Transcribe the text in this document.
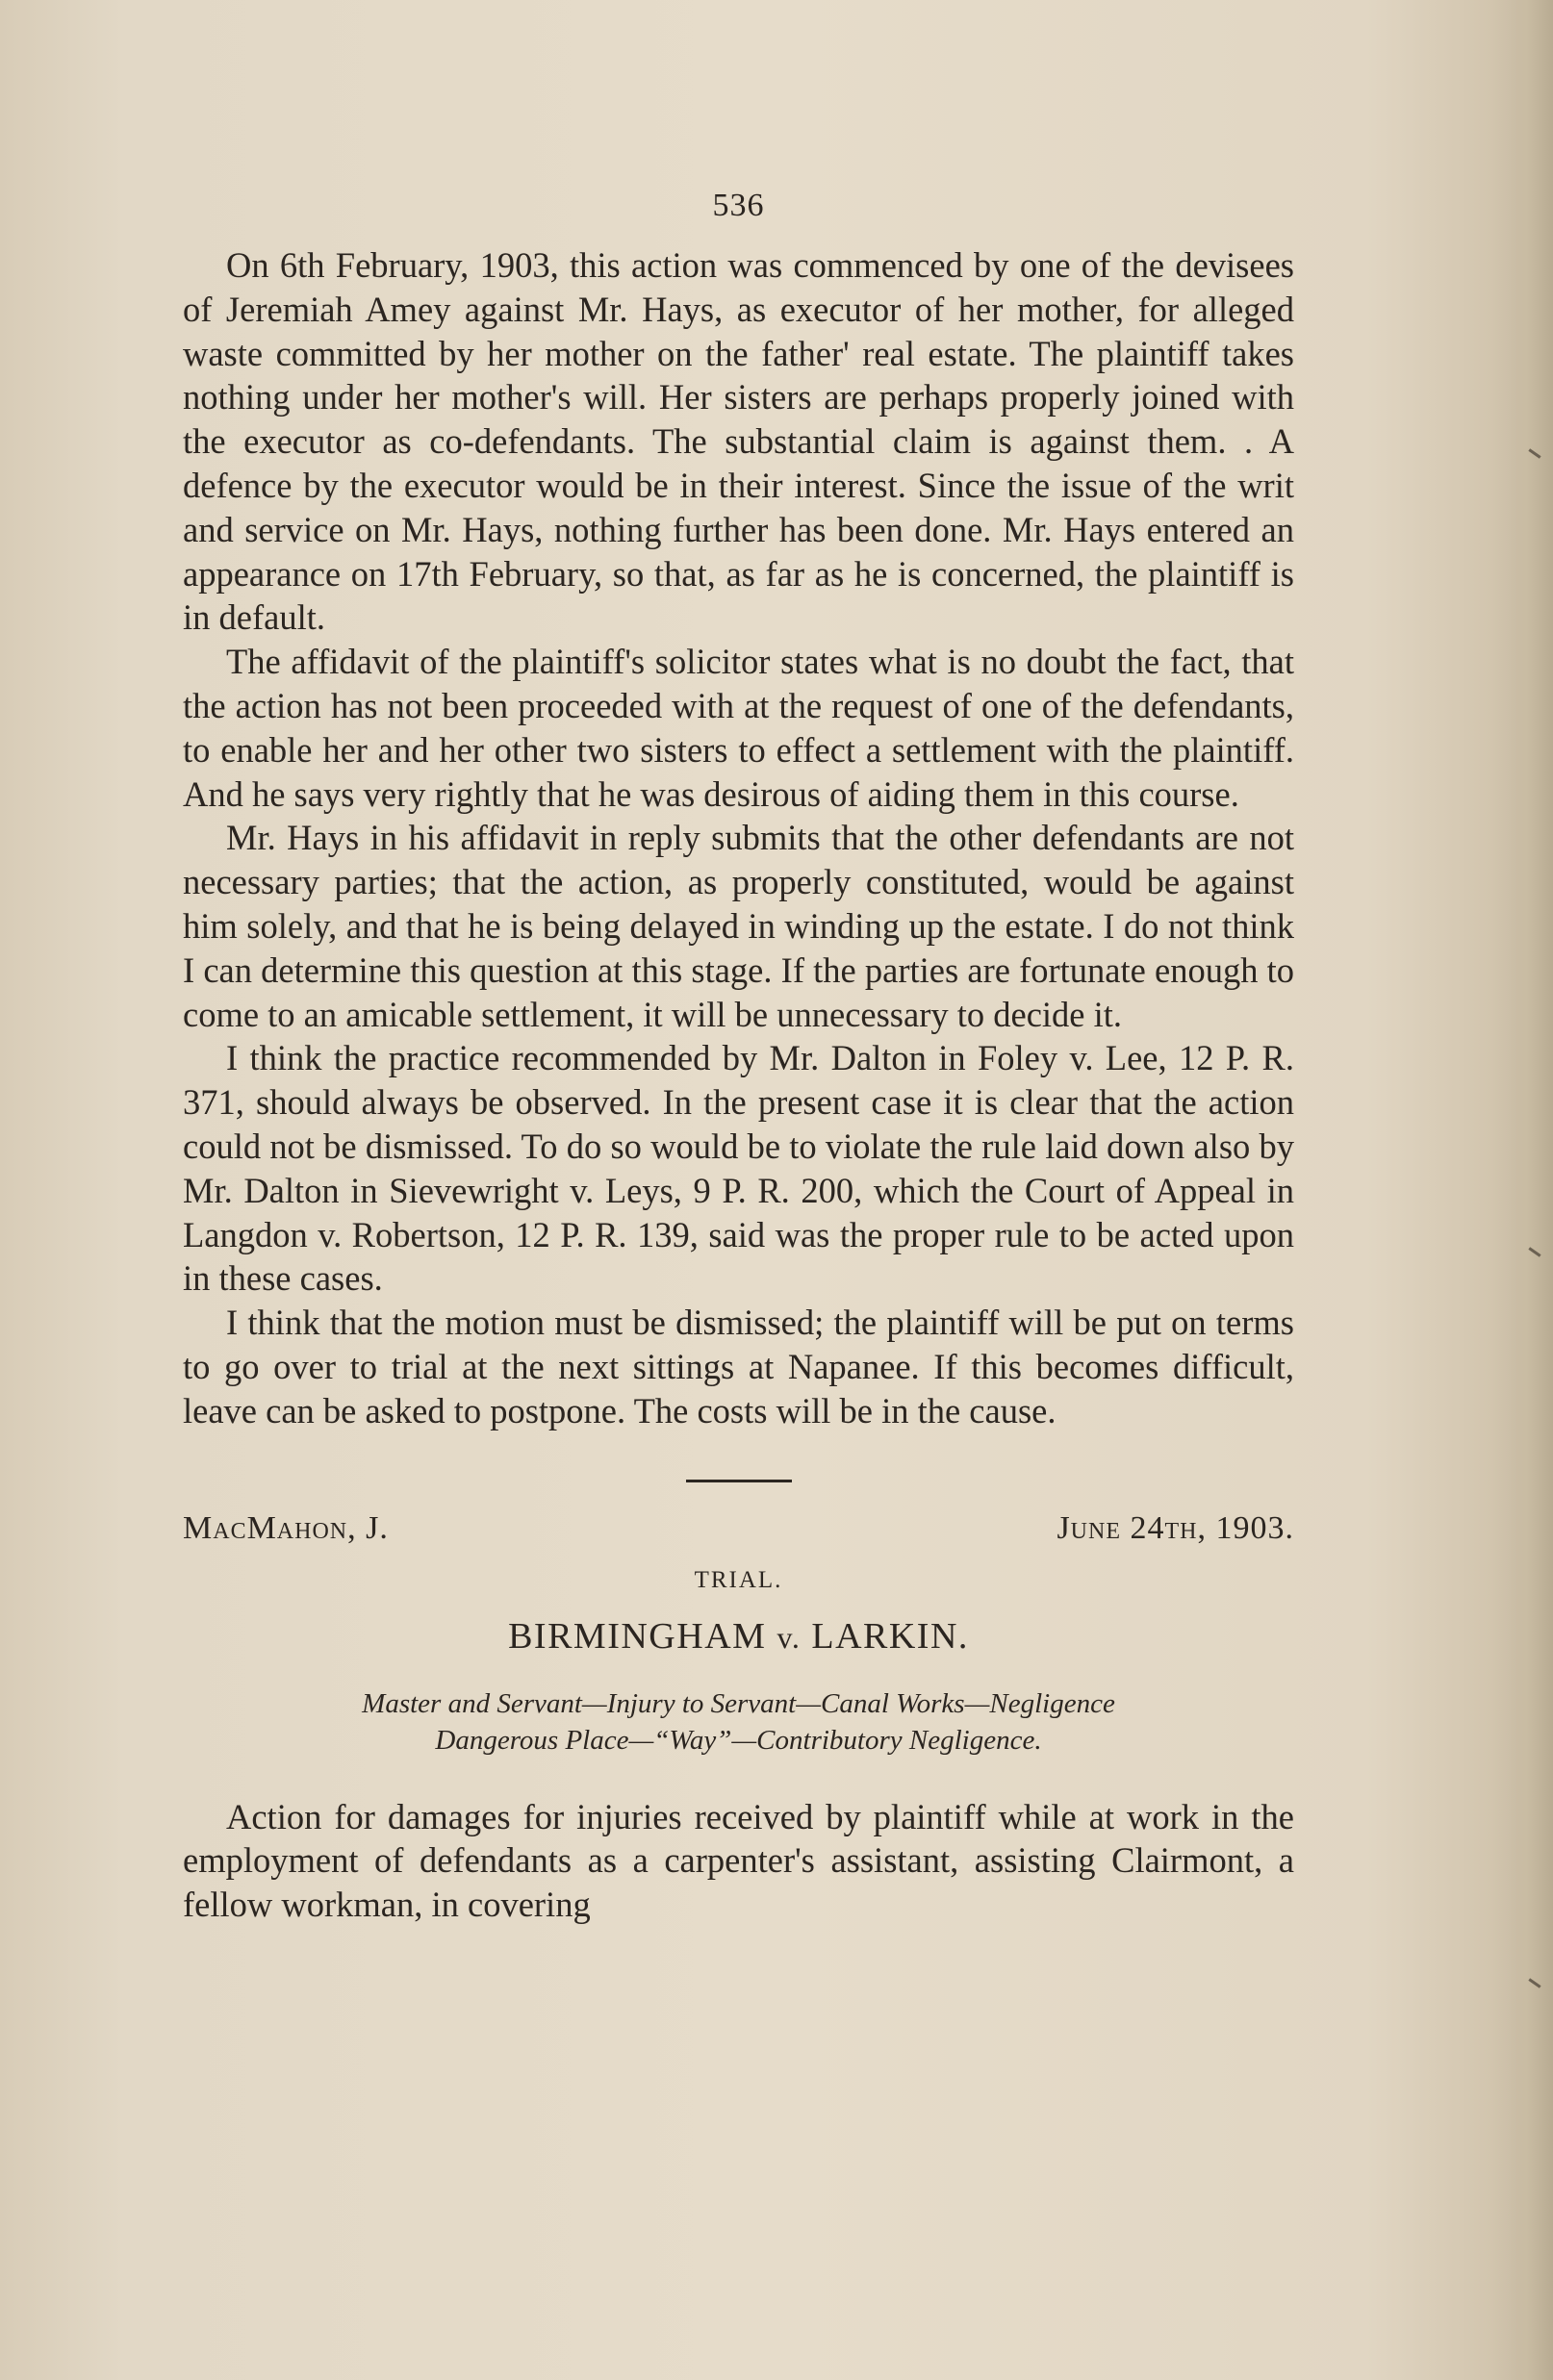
536

On 6th February, 1903, this action was commenced by one of the devisees of Jeremiah Amey against Mr. Hays, as executor of her mother, for alleged waste committed by her mother on the father' real estate. The plaintiff takes nothing under her mother's will. Her sisters are perhaps properly joined with the executor as co-defendants. The substantial claim is against them. . A defence by the executor would be in their interest. Since the issue of the writ and service on Mr. Hays, nothing further has been done. Mr. Hays entered an appearance on 17th February, so that, as far as he is concerned, the plaintiff is in default.

The affidavit of the plaintiff's solicitor states what is no doubt the fact, that the action has not been proceeded with at the request of one of the defendants, to enable her and her other two sisters to effect a settlement with the plaintiff. And he says very rightly that he was desirous of aiding them in this course.

Mr. Hays in his affidavit in reply submits that the other defendants are not necessary parties; that the action, as properly constituted, would be against him solely, and that he is being delayed in winding up the estate. I do not think I can determine this question at this stage. If the parties are fortunate enough to come to an amicable settlement, it will be unnecessary to decide it.

I think the practice recommended by Mr. Dalton in Foley v. Lee, 12 P. R. 371, should always be observed. In the present case it is clear that the action could not be dismissed. To do so would be to violate the rule laid down also by Mr. Dalton in Sievewright v. Leys, 9 P. R. 200, which the Court of Appeal in Langdon v. Robertson, 12 P. R. 139, said was the proper rule to be acted upon in these cases.

I think that the motion must be dismissed; the plaintiff will be put on terms to go over to trial at the next sittings at Napanee. If this becomes difficult, leave can be asked to postpone. The costs will be in the cause.

MacMahon, J.	June 24th, 1903.
TRIAL.
BIRMINGHAM v. LARKIN.
Master and Servant—Injury to Servant—Canal Works—Negligence
Dangerous Place—“Way”—Contributory Negligence.

Action for damages for injuries received by plaintiff while at work in the employment of defendants as a carpenter's assistant, assisting Clairmont, a fellow workman, in covering
